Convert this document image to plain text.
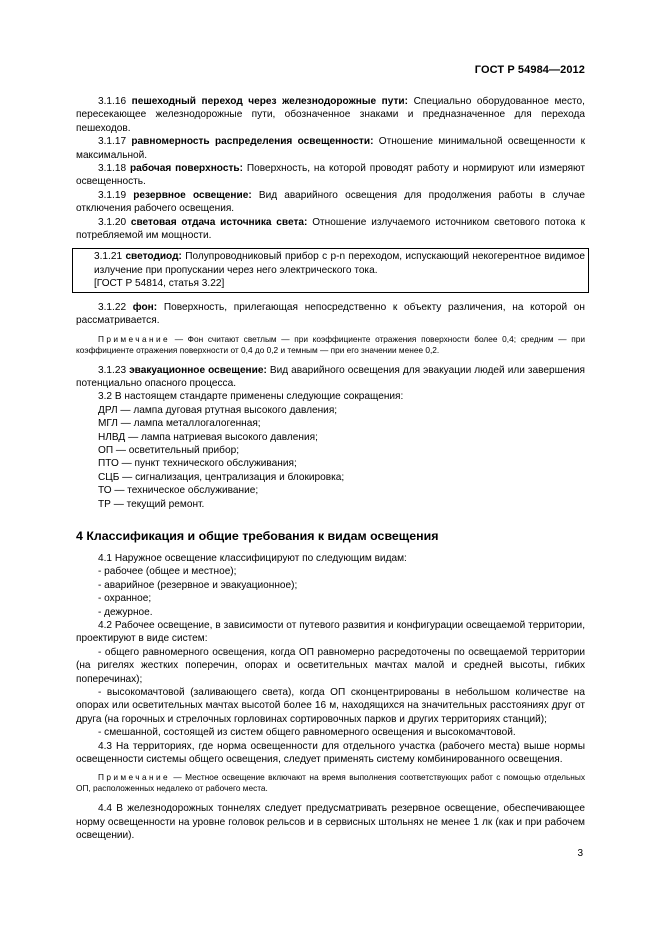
ГОСТ Р 54984—2012

3.1.16 пешеходный переход через железнодорожные пути: Специально оборудованное место, пересекающее железнодорожные пути, обозначенное знаками и предназначенное для перехода пешеходов.

3.1.17 равномерность распределения освещенности: Отношение минимальной освещенности к максимальной.

3.1.18 рабочая поверхность: Поверхность, на которой проводят работу и нормируют или измеряют освещенность.

3.1.19 резервное освещение: Вид аварийного освещения для продолжения работы в случае отключения рабочего освещения.

3.1.20 световая отдача источника света: Отношение излучаемого источником светового потока к потребляемой им мощности.

3.1.21 светодиод: Полупроводниковый прибор с p-n переходом, испускающий некогерентное видимое излучение при пропускании через него электрического тока.

[ГОСТ Р 54814, статья 3.22]

3.1.22 фон: Поверхность, прилегающая непосредственно к объекту различения, на которой он рассматривается.

Примечание — Фон считают светлым — при коэффициенте отражения поверхности более 0,4; средним — при коэффициенте отражения поверхности от 0,4 до 0,2 и темным — при его значении менее 0,2.

3.1.23 эвакуационное освещение: Вид аварийного освещения для эвакуации людей или завершения потенциально опасного процесса.

3.2 В настоящем стандарте применены следующие сокращения:

ДРЛ — лампа дуговая ртутная высокого давления;
МГЛ — лампа металлогалогенная;
НЛВД — лампа натриевая высокого давления;
ОП — осветительный прибор;
ПТО — пункт технического обслуживания;
СЦБ — сигнализация, централизация и блокировка;
ТО — техническое обслуживание;
ТР — текущий ремонт.
4 Классификация и общие требования к видам освещения

4.1 Наружное освещение классифицируют по следующим видам:

- рабочее (общее и местное);
- аварийное (резервное и эвакуационное);
- охранное;
- дежурное.

4.2 Рабочее освещение, в зависимости от путевого развития и конфигурации освещаемой территории, проектируют в виде систем:

- общего равномерного освещения, когда ОП равномерно расредоточены по освещаемой территории (на ригелях жестких поперечин, опорах и осветительных мачтах малой и средней высоты, гибких поперечинах);

- высокомачтовой (заливающего света), когда ОП сконцентрированы в небольшом количестве на опорах или осветительных мачтах высотой более 16 м, находящихся на значительных расстояниях друг от друга (на горочных и стрелочных горловинах сортировочных парков и других территориях станций);

- смешанной, состоящей из систем общего равномерного освещения и высокомачтовой.

4.3 На территориях, где норма освещенности для отдельного участка (рабочего места) выше нормы освещенности системы общего освещения, следует применять систему комбинированного освещения.

Примечание — Местное освещение включают на время выполнения соответствующих работ с помощью отдельных ОП, расположенных недалеко от рабочего места.

4.4 В железнодорожных тоннелях следует предусматривать резервное освещение, обеспечивающее норму освещенности на уровне головок рельсов и в сервисных штольнях не менее 1 лк (как и при рабочем освещении).

3
